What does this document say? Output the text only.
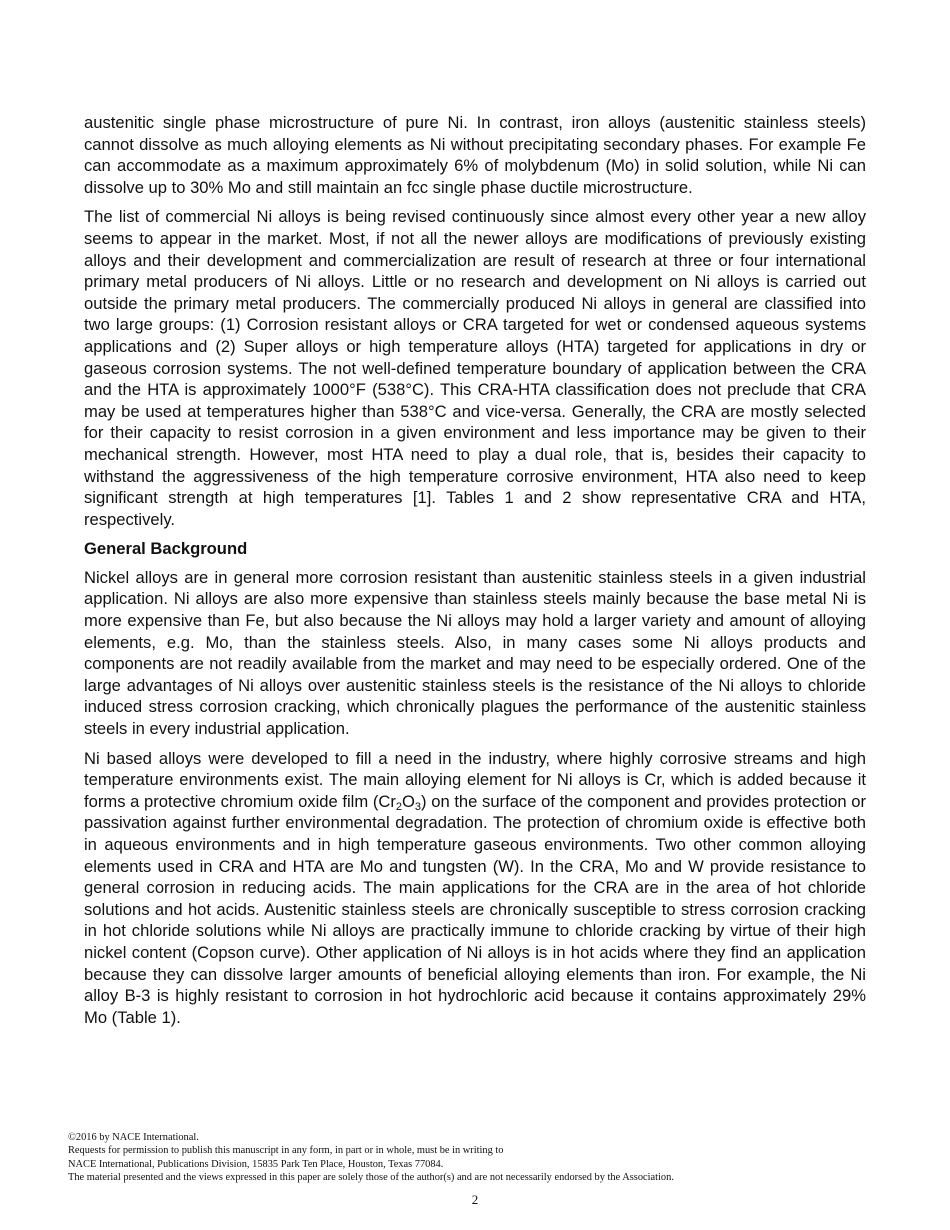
austenitic single phase microstructure of pure Ni. In contrast, iron alloys (austenitic stainless steels) cannot dissolve as much alloying elements as Ni without precipitating secondary phases. For example Fe can accommodate as a maximum approximately 6% of molybdenum (Mo) in solid solution, while Ni can dissolve up to 30% Mo and still maintain an fcc single phase ductile microstructure.

The list of commercial Ni alloys is being revised continuously since almost every other year a new alloy seems to appear in the market. Most, if not all the newer alloys are modifications of previously existing alloys and their development and commercialization are result of research at three or four international primary metal producers of Ni alloys. Little or no research and development on Ni alloys is carried out outside the primary metal producers. The commercially produced Ni alloys in general are classified into two large groups: (1) Corrosion resistant alloys or CRA targeted for wet or condensed aqueous systems applications and (2) Super alloys or high temperature alloys (HTA) targeted for applications in dry or gaseous corrosion systems. The not well-defined temperature boundary of application between the CRA and the HTA is approximately 1000°F (538°C). This CRA-HTA classification does not preclude that CRA may be used at temperatures higher than 538°C and vice-versa. Generally, the CRA are mostly selected for their capacity to resist corrosion in a given environment and less importance may be given to their mechanical strength. However, most HTA need to play a dual role, that is, besides their capacity to withstand the aggressiveness of the high temperature corrosive environment, HTA also need to keep significant strength at high temperatures [1]. Tables 1 and 2 show representative CRA and HTA, respectively.

General Background

Nickel alloys are in general more corrosion resistant than austenitic stainless steels in a given industrial application. Ni alloys are also more expensive than stainless steels mainly because the base metal Ni is more expensive than Fe, but also because the Ni alloys may hold a larger variety and amount of alloying elements, e.g. Mo, than the stainless steels. Also, in many cases some Ni alloys products and components are not readily available from the market and may need to be especially ordered. One of the large advantages of Ni alloys over austenitic stainless steels is the resistance of the Ni alloys to chloride induced stress corrosion cracking, which chronically plagues the performance of the austenitic stainless steels in every industrial application.

Ni based alloys were developed to fill a need in the industry, where highly corrosive streams and high temperature environments exist. The main alloying element for Ni alloys is Cr, which is added because it forms a protective chromium oxide film $(Cr_2O_3)$ on the surface of the component and provides protection or passivation against further environmental degradation. The protection of chromium oxide is effective both in aqueous environments and in high temperature gaseous environments. Two other common alloying elements used in CRA and HTA are Mo and tungsten (W). In the CRA, Mo and W provide resistance to general corrosion in reducing acids. The main applications for the CRA are in the area of hot chloride solutions and hot acids. Austenitic stainless steels are chronically susceptible to stress corrosion cracking in hot chloride solutions while Ni alloys are practically immune to chloride cracking by virtue of their high nickel content (Copson curve). Other application of Ni alloys is in hot acids where they find an application because they can dissolve larger amounts of beneficial alloying elements than iron. For example, the Ni alloy B-3 is highly resistant to corrosion in hot hydrochloric acid because it contains approximately 29% Mo (Table 1).

©2016 by NACE International.
Requests for permission to publish this manuscript in any form, in part or in whole, must be in writing to
NACE International, Publications Division, 15835 Park Ten Place, Houston, Texas 77084.
The material presented and the views expressed in this paper are solely those of the author(s) and are not necessarily endorsed by the Association.
2
